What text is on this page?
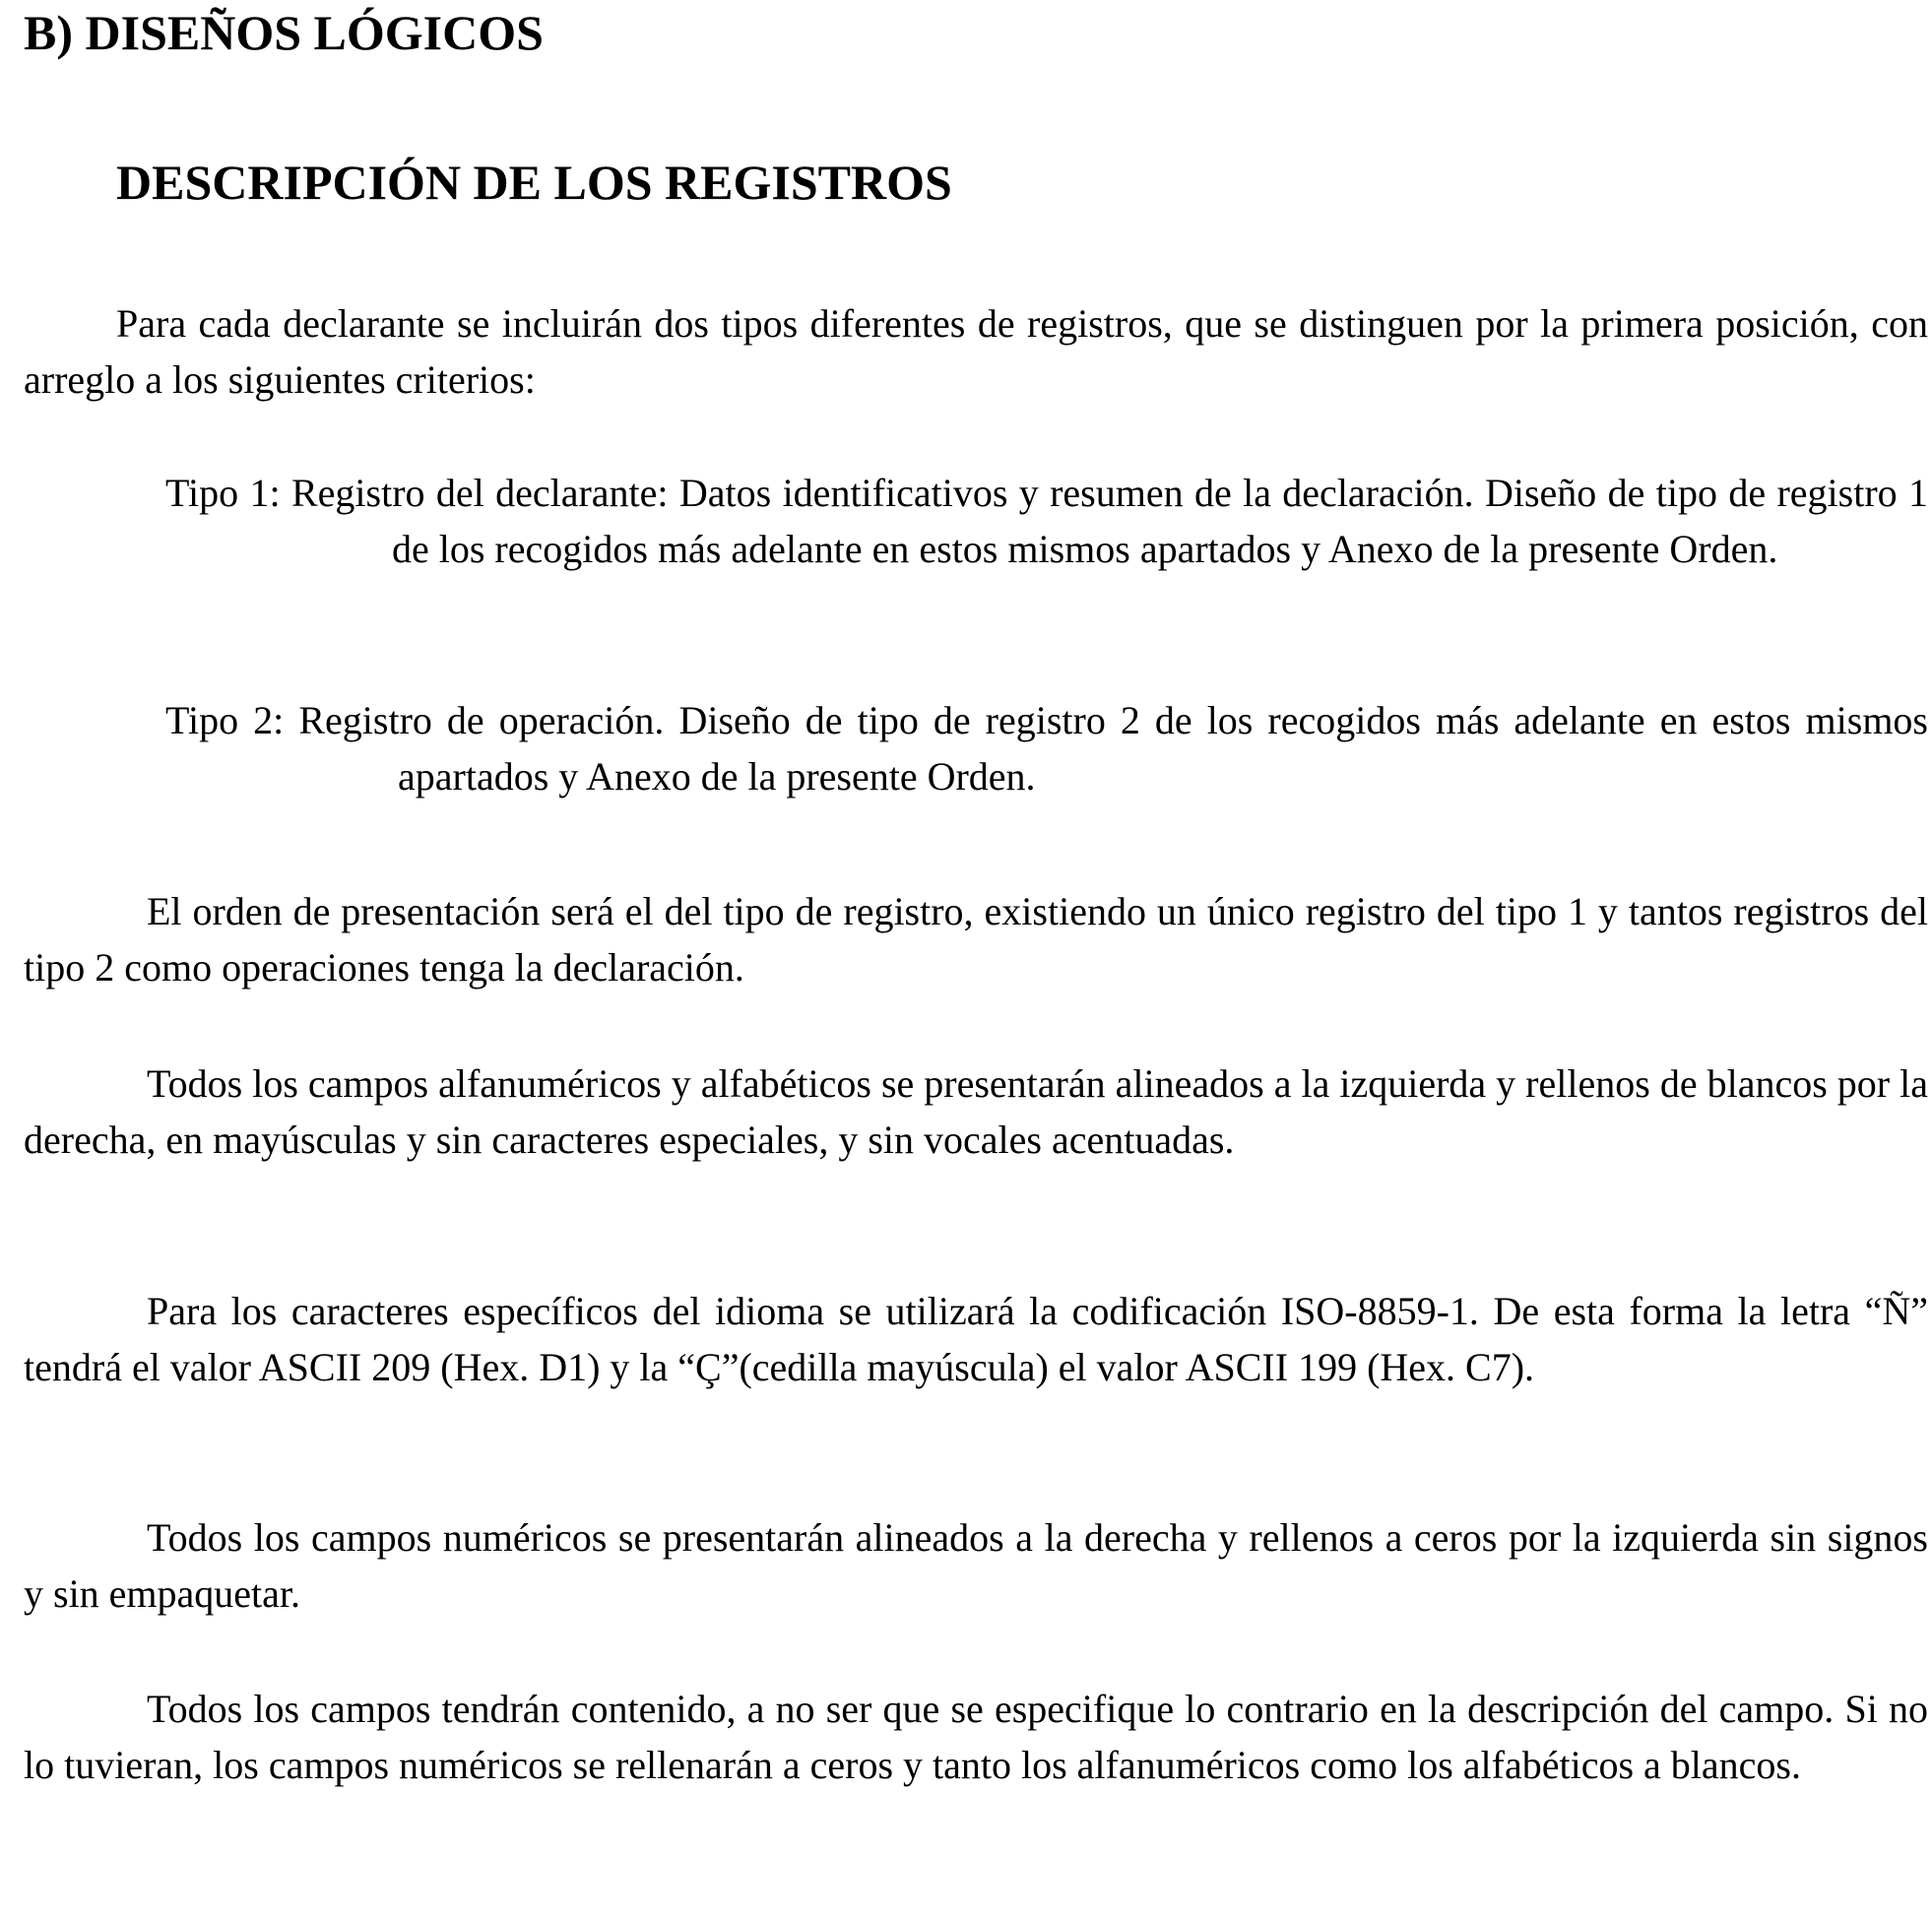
B) DISEÑOS LÓGICOS
DESCRIPCIÓN DE LOS REGISTROS

Para cada declarante se incluirán dos tipos diferentes de registros, que se distinguen por la primera posición, con arreglo a los siguientes criterios:

Tipo 1: Registro del declarante: Datos identificativos y resumen de la declaración. Diseño de tipo de registro 1 de los recogidos más adelante en estos mismos apartados y Anexo de la presente Orden.

Tipo 2: Registro de operación. Diseño de tipo de registro 2 de los recogidos más adelante en estos mismos apartados y Anexo de la presente Orden.

El orden de presentación será el del tipo de registro, existiendo un único registro del tipo 1 y tantos registros del tipo 2 como operaciones tenga la declaración.

Todos los campos alfanuméricos y alfabéticos se presentarán alineados a la izquierda y rellenos de blancos por la derecha, en mayúsculas y sin caracteres especiales, y sin vocales acentuadas.

Para los caracteres específicos del idioma se utilizará la codificación ISO-8859-1. De esta forma la letra “Ñ” tendrá el valor ASCII 209 (Hex. D1) y la “Ç”(cedilla mayúscula) el valor ASCII 199 (Hex. C7).

Todos los campos numéricos se presentarán alineados a la derecha y rellenos a ceros por la izquierda sin signos y sin empaquetar.

Todos los campos tendrán contenido, a no ser que se especifique lo contrario en la descripción del campo. Si no lo tuvieran, los campos numéricos se rellenarán a ceros y tanto los alfanuméricos como los alfabéticos a blancos.
